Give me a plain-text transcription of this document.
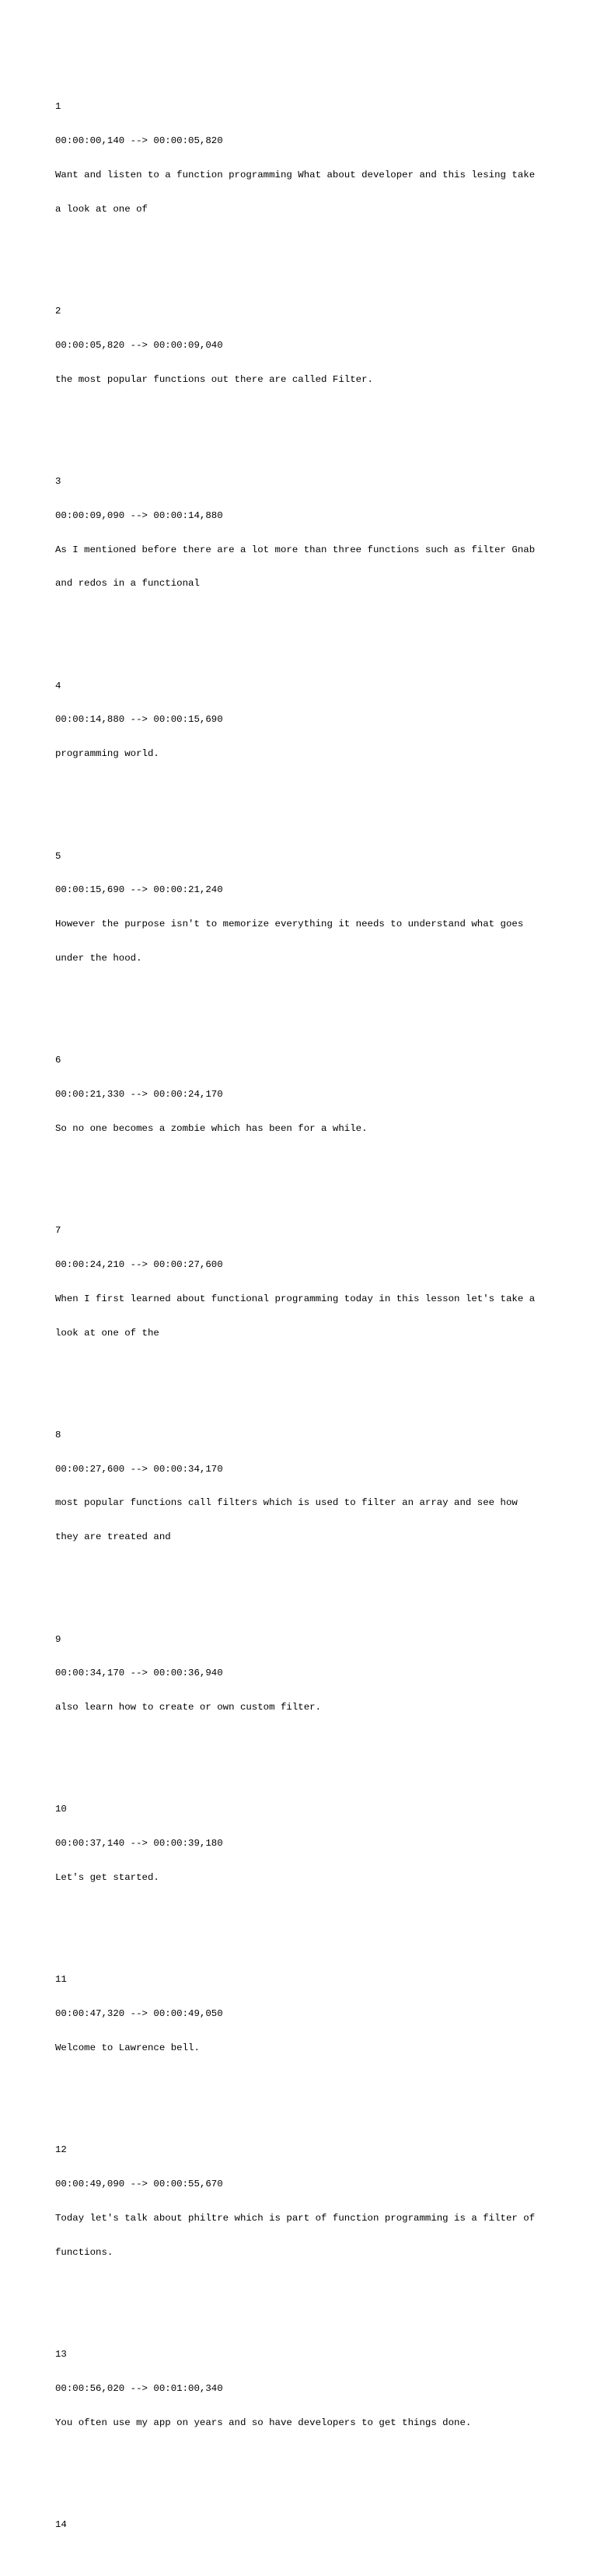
1

00:00:00,140 --> 00:00:05,820

Want and listen to a function programming What about developer and this lesing take

a look at one of

2

00:00:05,820 --> 00:00:09,040

the most popular functions out there are called Filter.

3

00:00:09,090 --> 00:00:14,880

As I mentioned before there are a lot more than three functions such as filter Gnab

and redos in a functional

4

00:00:14,880 --> 00:00:15,690

programming world.

5

00:00:15,690 --> 00:00:21,240

However the purpose isn't to memorize everything it needs to understand what goes

under the hood.

6

00:00:21,330 --> 00:00:24,170

So no one becomes a zombie which has been for a while.

7

00:00:24,210 --> 00:00:27,600

When I first learned about functional programming today in this lesson let's take a

look at one of the

8

00:00:27,600 --> 00:00:34,170

most popular functions call filters which is used to filter an array and see how

they are treated and

9

00:00:34,170 --> 00:00:36,940

also learn how to create or own custom filter.

10

00:00:37,140 --> 00:00:39,180

Let's get started.

11

00:00:47,320 --> 00:00:49,050

Welcome to Lawrence bell.

12

00:00:49,090 --> 00:00:55,670

Today let's talk about philtre which is part of function programming is a filter of

functions.

13

00:00:56,020 --> 00:01:00,340

You often use my app on years and so have developers to get things done.

14
